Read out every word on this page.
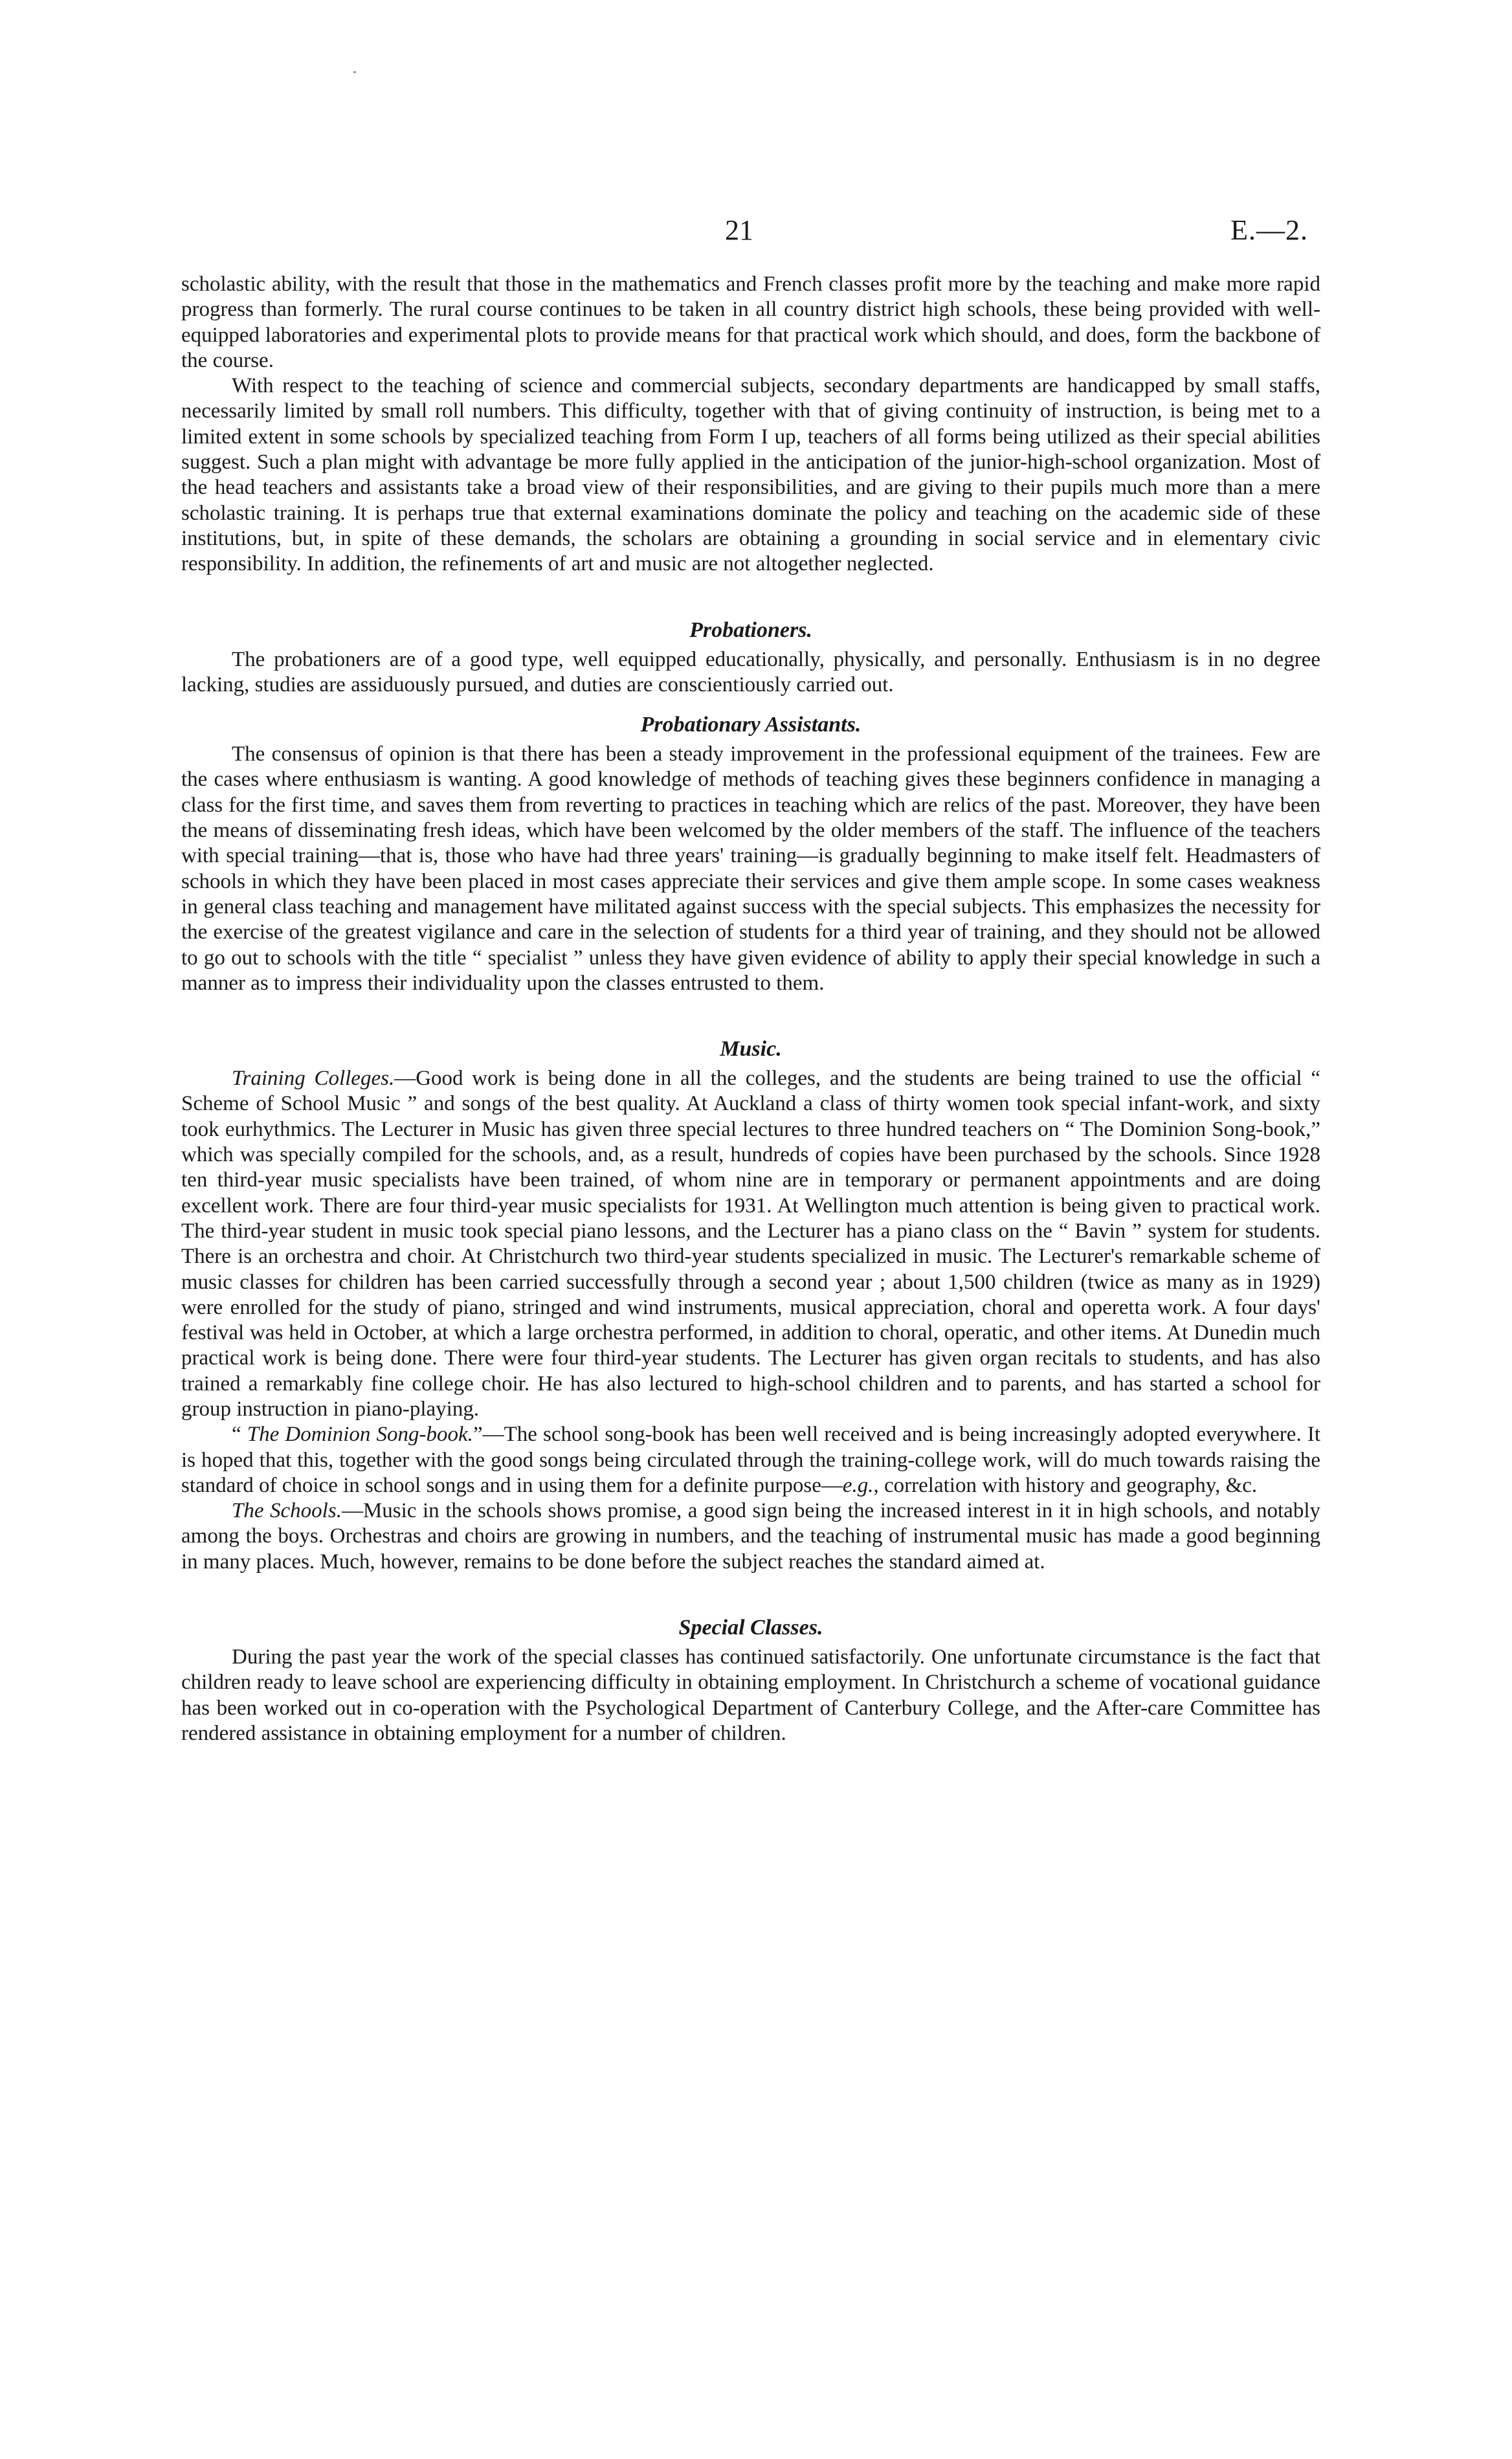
21	E.—2.

scholastic ability, with the result that those in the mathematics and French classes profit more by the teaching and make more rapid progress than formerly. The rural course continues to be taken in all country district high schools, these being provided with well-equipped laboratories and experimental plots to provide means for that practical work which should, and does, form the backbone of the course.

With respect to the teaching of science and commercial subjects, secondary departments are handicapped by small staffs, necessarily limited by small roll numbers. This difficulty, together with that of giving continuity of instruction, is being met to a limited extent in some schools by specialized teaching from Form I up, teachers of all forms being utilized as their special abilities suggest. Such a plan might with advantage be more fully applied in the anticipation of the junior-high-school organization. Most of the head teachers and assistants take a broad view of their responsibilities, and are giving to their pupils much more than a mere scholastic training. It is perhaps true that external examinations dominate the policy and teaching on the academic side of these institutions, but, in spite of these demands, the scholars are obtaining a grounding in social service and in elementary civic responsibility. In addition, the refinements of art and music are not altogether neglected.

Probationers.

The probationers are of a good type, well equipped educationally, physically, and personally. Enthusiasm is in no degree lacking, studies are assiduously pursued, and duties are conscientiously carried out.

Probationary Assistants.

The consensus of opinion is that there has been a steady improvement in the professional equipment of the trainees. Few are the cases where enthusiasm is wanting. A good knowledge of methods of teaching gives these beginners confidence in managing a class for the first time, and saves them from reverting to practices in teaching which are relics of the past. Moreover, they have been the means of disseminating fresh ideas, which have been welcomed by the older members of the staff. The influence of the teachers with special training—that is, those who have had three years' training—is gradually beginning to make itself felt. Headmasters of schools in which they have been placed in most cases appreciate their services and give them ample scope. In some cases weakness in general class teaching and management have militated against success with the special subjects. This emphasizes the necessity for the exercise of the greatest vigilance and care in the selection of students for a third year of training, and they should not be allowed to go out to schools with the title “ specialist ” unless they have given evidence of ability to apply their special knowledge in such a manner as to impress their individuality upon the classes entrusted to them.

Music.

Training Colleges.—Good work is being done in all the colleges, and the students are being trained to use the official “ Scheme of School Music ” and songs of the best quality. At Auckland a class of thirty women took special infant-work, and sixty took eurhythmics. The Lecturer in Music has given three special lectures to three hundred teachers on “ The Dominion Song-book,” which was specially compiled for the schools, and, as a result, hundreds of copies have been purchased by the schools. Since 1928 ten third-year music specialists have been trained, of whom nine are in temporary or permanent appointments and are doing excellent work. There are four third-year music specialists for 1931. At Wellington much attention is being given to practical work. The third-year student in music took special piano lessons, and the Lecturer has a piano class on the “ Bavin ” system for students. There is an orchestra and choir. At Christchurch two third-year students specialized in music. The Lecturer's remarkable scheme of music classes for children has been carried successfully through a second year ; about 1,500 children (twice as many as in 1929) were enrolled for the study of piano, stringed and wind instruments, musical appreciation, choral and operetta work. A four days' festival was held in October, at which a large orchestra performed, in addition to choral, operatic, and other items. At Dunedin much practical work is being done. There were four third-year students. The Lecturer has given organ recitals to students, and has also trained a remarkably fine college choir. He has also lectured to high-school children and to parents, and has started a school for group instruction in piano-playing.

“ The Dominion Song-book.”—The school song-book has been well received and is being increasingly adopted everywhere. It is hoped that this, together with the good songs being circulated through the training-college work, will do much towards raising the standard of choice in school songs and in using them for a definite purpose—e.g., correlation with history and geography, &c.

The Schools.—Music in the schools shows promise, a good sign being the increased interest in it in high schools, and notably among the boys. Orchestras and choirs are growing in numbers, and the teaching of instrumental music has made a good beginning in many places. Much, however, remains to be done before the subject reaches the standard aimed at.

Special Classes.

During the past year the work of the special classes has continued satisfactorily. One unfortunate circumstance is the fact that children ready to leave school are experiencing difficulty in obtaining employment. In Christchurch a scheme of vocational guidance has been worked out in co-operation with the Psychological Department of Canterbury College, and the After-care Committee has rendered assistance in obtaining employment for a number of children.
